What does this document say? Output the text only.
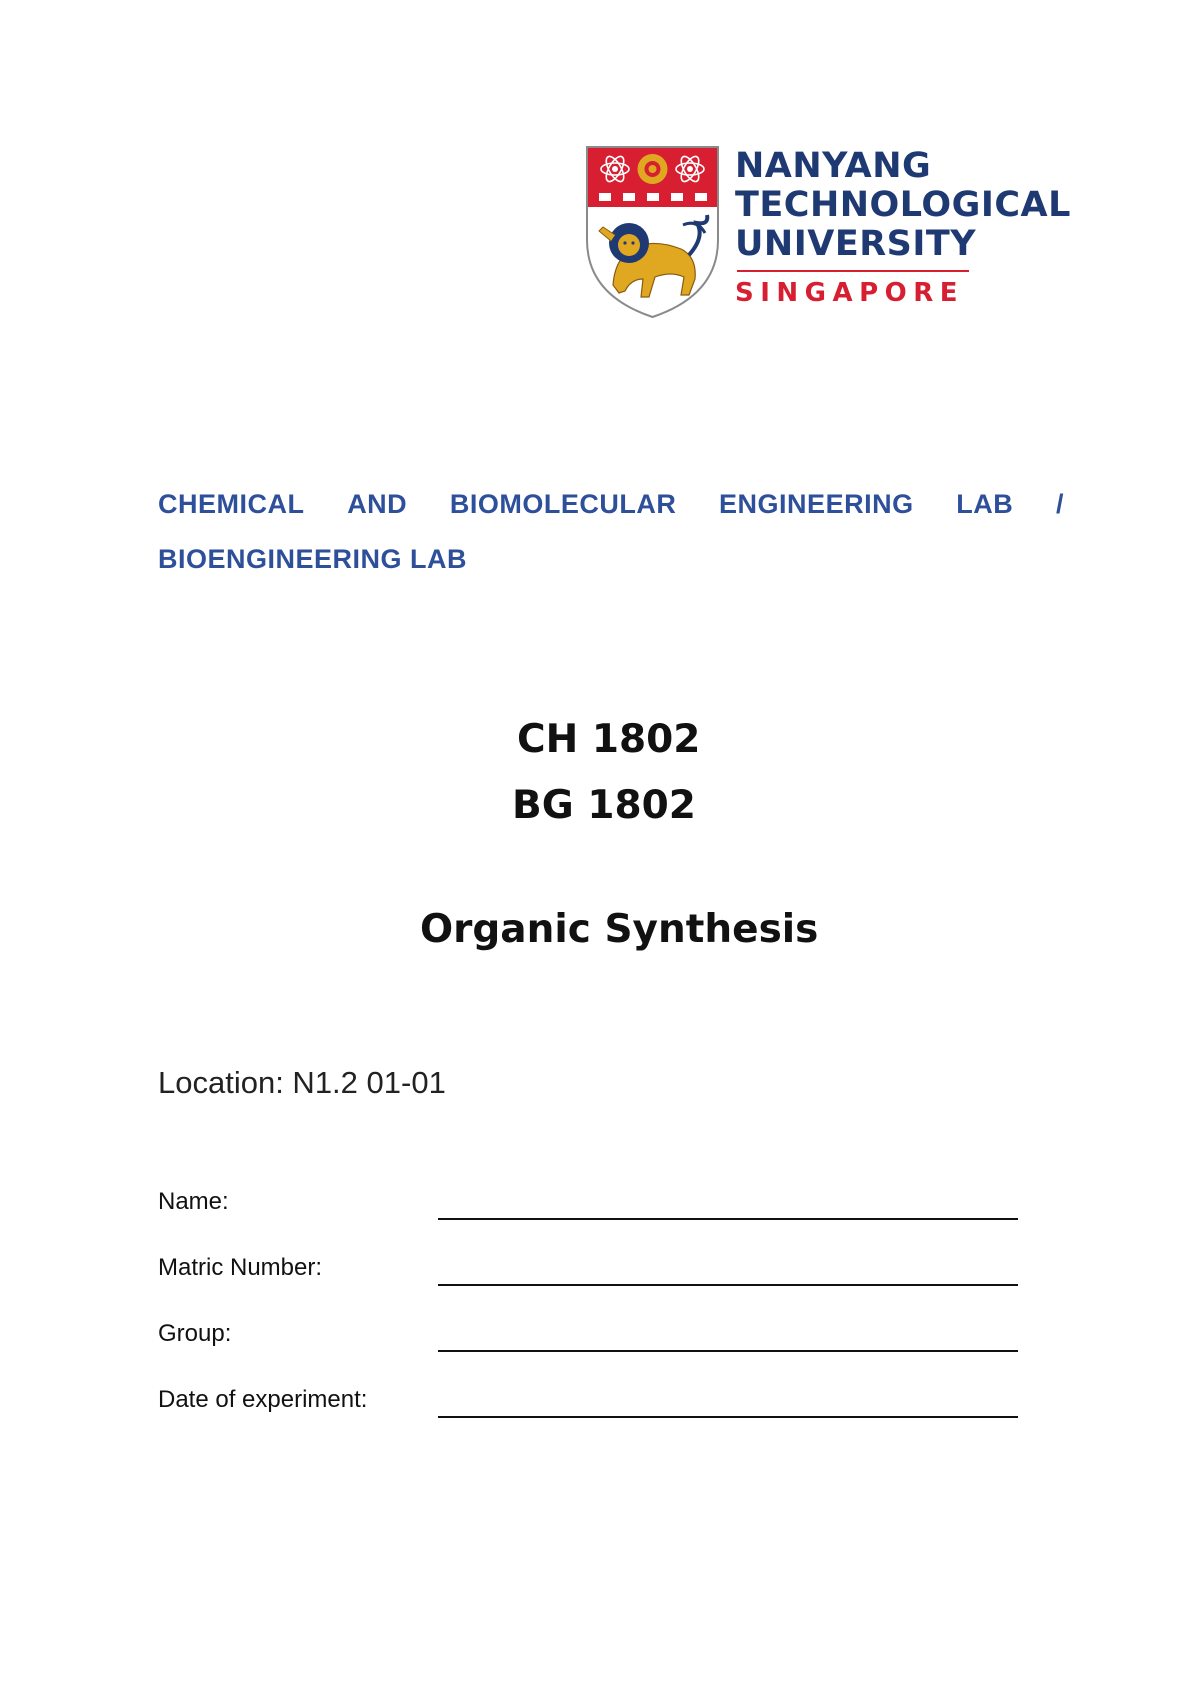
NANYANG
TECHNOLOGICAL
UNIVERSITY
SINGAPORE
CHEMICAL AND BIOMOLECULAR ENGINEERING LAB /
BIOENGINEERING LAB
CH 1802
BG 1802
Organic Synthesis
Location: N1.2 01-01
Name:
Matric Number:
Group:
Date of experiment:
